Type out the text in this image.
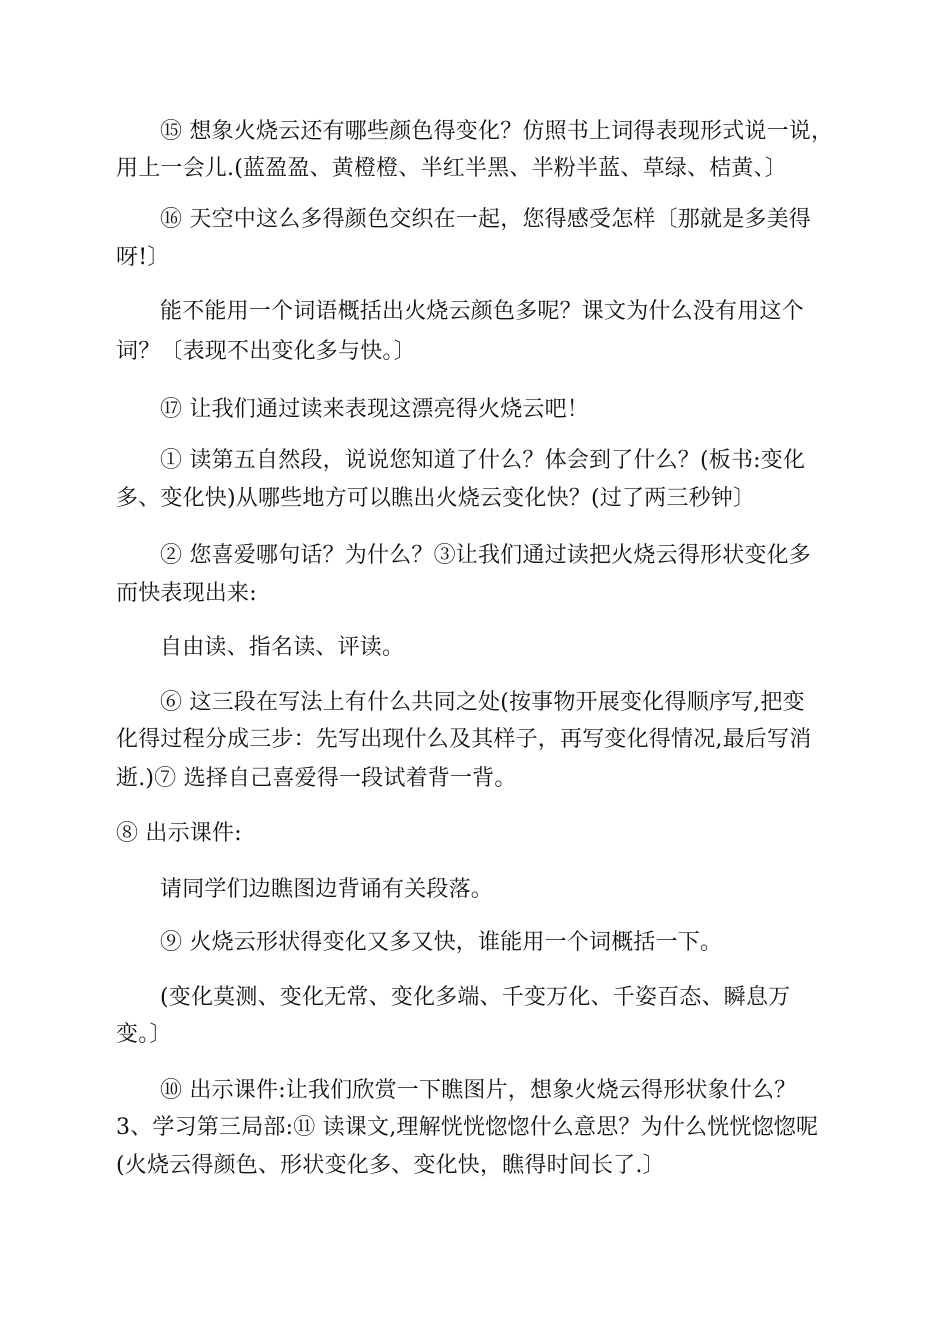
⑮ 想象火烧云还有哪些颜色得变化？仿照书上词得表现形式说一说，
用上一会儿.(蓝盈盈、黄橙橙、半红半黑、半粉半蓝、草绿、桔黄、〕
⑯ 天空中这么多得颜色交织在一起，您得感受怎样〔那就是多美得
呀!〕
能不能用一个词语概括出火烧云颜色多呢？课文为什么没有用这个
词？〔表现不出变化多与快。〕
⑰ 让我们通过读来表现这漂亮得火烧云吧！
① 读第五自然段，说说您知道了什么？体会到了什么？(板书:变化
多、变化快)从哪些地方可以瞧出火烧云变化快？(过了两三秒钟〕
② 您喜爱哪句话？为什么？③让我们通过读把火烧云得形状变化多
而快表现出来:
自由读、指名读、评读。
⑥ 这三段在写法上有什么共同之处(按事物开展变化得顺序写,把变
化得过程分成三步：先写出现什么及其样子，再写变化得情况,最后写消
逝.)⑦ 选择自己喜爱得一段试着背一背。
⑧ 出示课件:
请同学们边瞧图边背诵有关段落。
⑨ 火烧云形状得变化又多又快，谁能用一个词概括一下。
(变化莫测、变化无常、变化多端、千变万化、千姿百态、瞬息万
变。〕
⑩ 出示课件:让我们欣赏一下瞧图片，想象火烧云得形状象什么？
3、学习第三局部:⑪ 读课文,理解恍恍惚惚什么意思？为什么恍恍惚惚呢
(火烧云得颜色、形状变化多、变化快，瞧得时间长了.〕
